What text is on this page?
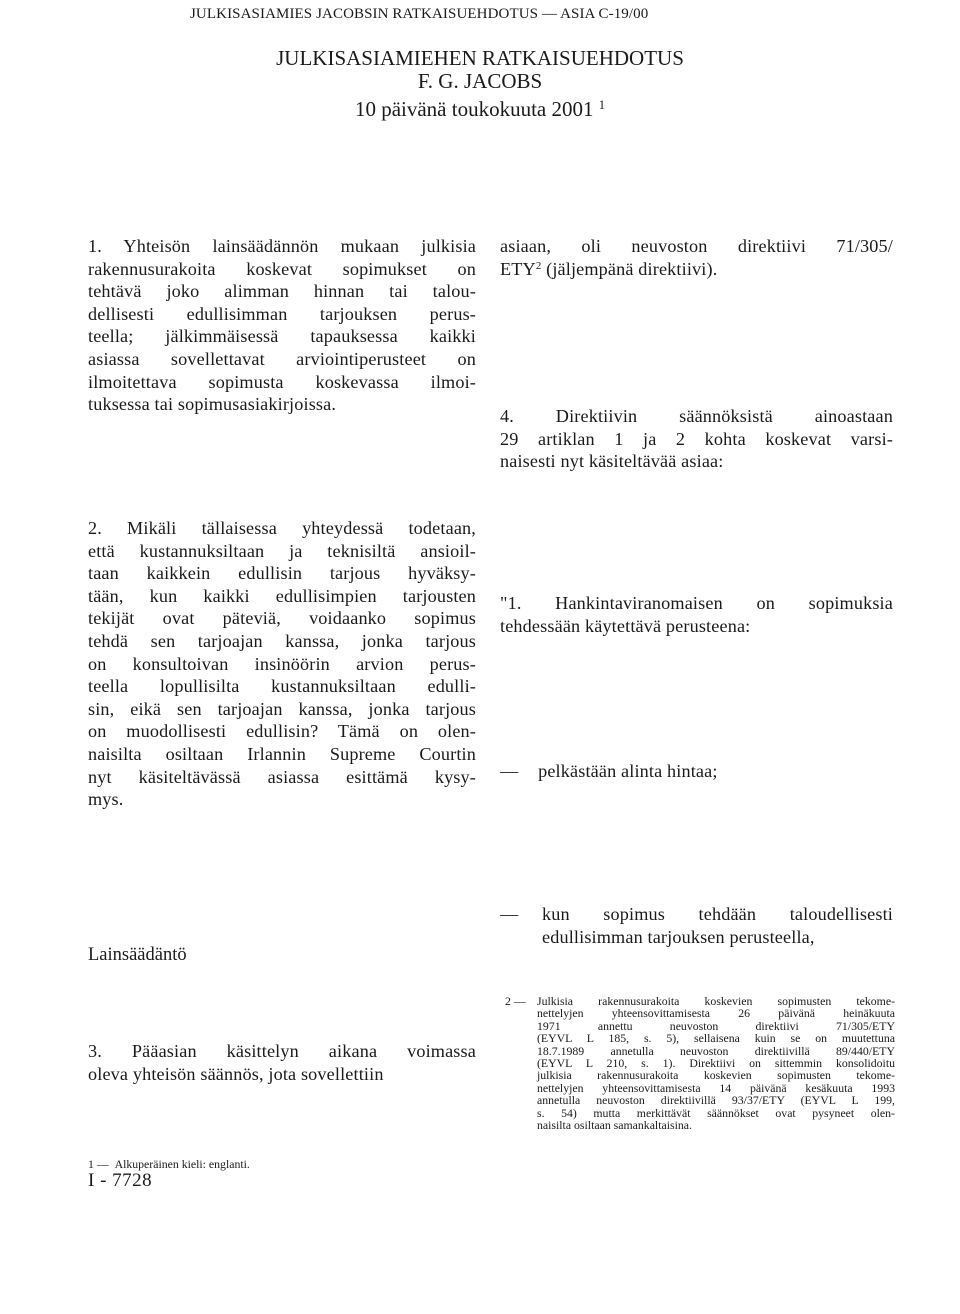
JULKISASIAMIES JACOBSIN RATKAISUEHDOTUS — ASIA C-19/00
JULKISASIAMIEHEN RATKAISUEHDOTUS
F. G. JACOBS
10 päivänä toukokuuta 2001 $^1$
1. Yhteisön lainsäädännön mukaan julkisia
rakennusurakoita koskevat sopimukset on
tehtävä joko alimman hinnan tai talou-
dellisesti edullisimman tarjouksen perus-
teella; jälkimmäisessä tapauksessa kaikki
asiassa sovellettavat arviointiperusteet on
ilmoitettava sopimusta koskevassa ilmoi-
tuksessa tai sopimusasiakirjoissa.
2. Mikäli tällaisessa yhteydessä todetaan,
että kustannuksiltaan ja teknisiltä ansioil-
taan kaikkein edullisin tarjous hyväksy-
tään, kun kaikki edullisimpien tarjousten
tekijät ovat päteviä, voidaanko sopimus
tehdä sen tarjoajan kanssa, jonka tarjous
on konsultoivan insinöörin arvion perus-
teella lopullisilta kustannuksiltaan edulli-
sin, eikä sen tarjoajan kanssa, jonka tarjous
on muodollisesti edullisin? Tämä on olen-
naisilta osiltaan Irlannin Supreme Courtin
nyt käsiteltävässä asiassa esittämä kysy-
mys.
Lainsäädäntö
3. Pääasian käsittelyn aikana voimassa
oleva yhteisön säännös, jota sovellettiin
1 — Alkuperäinen kieli: englanti.
I - 7728
asiaan, oli neuvoston direktiivi 71/305/
ETY$^2$ (jäljempänä direktiivi).
4. Direktiivin säännöksistä ainoastaan
29 artiklan 1 ja 2 kohta koskevat varsi-
naisesti nyt käsiteltävää asiaa:
"1. Hankintaviranomaisen on sopimuksia
tehdessään käytettävä perusteena:
— pelkästään alinta hintaa;
—	kun sopimus tehdään taloudellisesti
edullisimman tarjouksen perusteella,
2 — Julkisia rakennusurakoita koskevien sopimusten tekome-
nettelyjen yhteensovittamisesta 26 päivänä heinäkuuta
1971 annettu neuvoston direktiivi 71/305/ETY
(EYVL L 185, s. 5), sellaisena kuin se on muutettuna
18.7.1989 annetulla neuvoston direktiivillä 89/440/ETY
(EYVL L 210, s. 1). Direktiivi on sittemmin konsolidoitu
julkisia rakennusurakoita koskevien sopimusten tekome-
nettelyjen yhteensovittamisesta 14 päivänä kesäkuuta 1993
annetulla neuvoston direktiivillä 93/37/ETY (EYVL L 199,
s. 54) mutta merkittävät säännökset ovat pysyneet olen-
naisilta osiltaan samankaltaisina.
